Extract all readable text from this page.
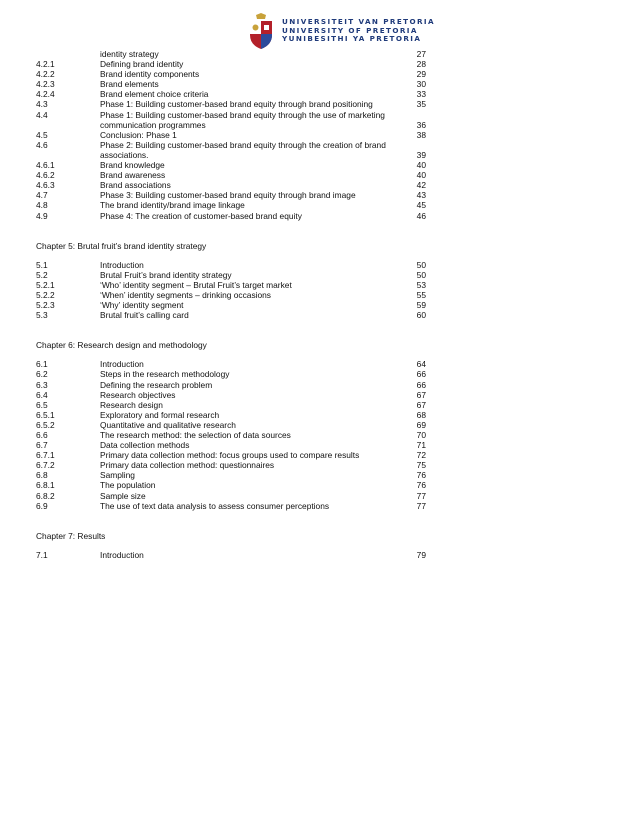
UNIVERSITEIT VAN PRETORIA
UNIVERSITY OF PRETORIA
YUNIBESITHI YA PRETORIA
identity strategy	27
4.2.1	Defining brand identity	28
4.2.2	Brand identity components	29
4.2.3	Brand elements	30
4.2.4	Brand element choice criteria	33
4.3	Phase 1: Building customer-based brand equity through brand positioning	35
4.4	Phase 1: Building customer-based brand equity through the use of marketing communication programmes	36
4.5	Conclusion: Phase 1	38
4.6	Phase 2: Building customer-based brand equity through the creation of brand associations.	39
4.6.1	Brand knowledge	40
4.6.2	Brand awareness	40
4.6.3	Brand associations	42
4.7	Phase 3: Building customer-based brand equity through brand image	43
4.8	The brand identity/brand image linkage	45
4.9	Phase 4: The creation of customer-based brand equity	46
Chapter 5: Brutal fruit’s brand identity strategy
5.1	Introduction	50
5.2	Brutal Fruit’s brand identity strategy	50
5.2.1	‘Who’ identity segment – Brutal Fruit’s target market	53
5.2.2	‘When’ identity segments – drinking occasions	55
5.2.3	‘Why’ identity segment	59
5.3	Brutal fruit’s calling card	60
Chapter 6: Research design and methodology
6.1	Introduction	64
6.2	Steps in the research methodology	66
6.3	Defining the research problem	66
6.4	Research objectives	67
6.5	Research design	67
6.5.1	Exploratory and formal research	68
6.5.2	Quantitative and qualitative research	69
6.6	The research method: the selection of data sources	70
6.7	Data collection methods	71
6.7.1	Primary data collection method: focus groups used to compare results	72
6.7.2	Primary data collection method: questionnaires	75
6.8	Sampling	76
6.8.1	The population	76
6.8.2	Sample size	77
6.9	The use of text data analysis to assess consumer perceptions	77
Chapter 7: Results
7.1	Introduction	79
